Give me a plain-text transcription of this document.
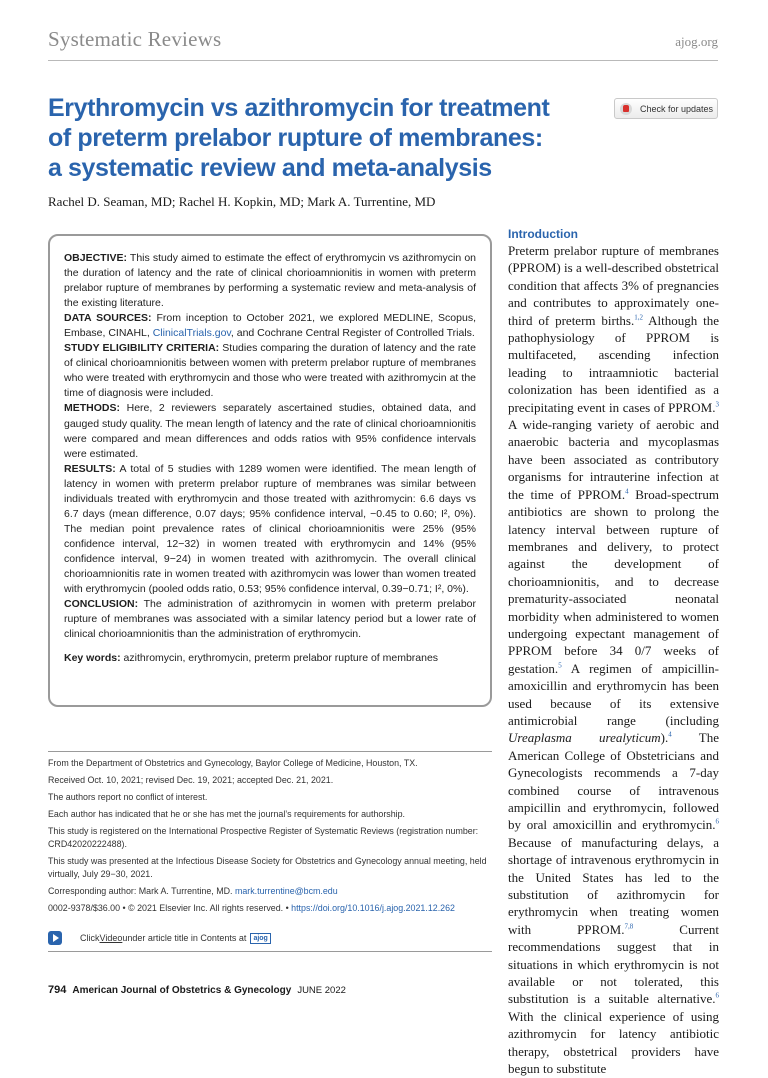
Systematic Reviews	ajog.org
Erythromycin vs azithromycin for treatment
of preterm prelabor rupture of membranes:
a systematic review and meta-analysis
Check for updates
Rachel D. Seaman, MD; Rachel H. Kopkin, MD; Mark A. Turrentine, MD

OBJECTIVE: This study aimed to estimate the effect of erythromycin vs azithromycin on the duration of latency and the rate of clinical chorioamnionitis in women with preterm prelabor rupture of membranes by performing a systematic review and meta-analysis of the existing literature.

DATA SOURCES: From inception to October 2021, we explored MEDLINE, Scopus, Embase, CINAHL, ClinicalTrials.gov, and Cochrane Central Register of Controlled Trials.

STUDY ELIGIBILITY CRITERIA: Studies comparing the duration of latency and the rate of clinical chorioamnionitis between women with preterm prelabor rupture of membranes who were treated with erythromycin and those who were treated with azithromycin at the time of diagnosis were included.

METHODS: Here, 2 reviewers separately ascertained studies, obtained data, and gauged study quality. The mean length of latency and the rate of clinical chorioamnionitis were compared and mean differences and odds ratios with 95% confidence intervals were estimated.

RESULTS: A total of 5 studies with 1289 women were identified. The mean length of latency in women with preterm prelabor rupture of membranes was similar between individuals treated with erythromycin and those treated with azithromycin: 6.6 days vs 6.7 days (mean difference, 0.07 days; 95% confidence interval, −0.45 to 0.60; I², 0%). The median point prevalence rates of clinical chorioamnionitis were 25% (95% confidence interval, 12−32) in women treated with erythromycin and 14% (95% confidence interval, 9−24) in women treated with azithromycin. The overall clinical chorioamnionitis rate in women treated with azithromycin was lower than women treated with erythromycin (pooled odds ratio, 0.53; 95% confidence interval, 0.39−0.71; I², 0%).

CONCLUSION: The administration of azithromycin in women with preterm prelabor rupture of membranes was associated with a similar latency period but a lower rate of clinical chorioamnionitis than the administration of erythromycin.

Key words: azithromycin, erythromycin, preterm prelabor rupture of membranes

From the Department of Obstetrics and Gynecology, Baylor College of Medicine, Houston, TX.

Received Oct. 10, 2021; revised Dec. 19, 2021; accepted Dec. 21, 2021.

The authors report no conflict of interest.

Each author has indicated that he or she has met the journal’s requirements for authorship.

This study is registered on the International Prospective Register of Systematic Reviews (registration number: CRD42020222488).

This study was presented at the Infectious Disease Society for Obstetrics and Gynecology annual meeting, held virtually, July 29−30, 2021.

Corresponding author: Mark A. Turrentine, MD. mark.turrentine@bcm.edu

0002-9378/$36.00 • © 2021 Elsevier Inc. All rights reserved. • https://doi.org/10.1016/j.ajog.2021.12.262

Click Video under article title in Contents at	ajog
794 American Journal of Obstetrics & Gynecology JUNE 2022
Introduction
Preterm prelabor rupture of membranes (PPROM) is a well-described obstetrical condition that affects 3% of pregnancies and contributes to approximately one-third of preterm births.$^{1,2}$ Although the pathophysiology of PPROM is multifaceted, ascending infection leading to intraamniotic bacterial colonization has been identified as a precipitating event in cases of PPROM.$^3$ A wide-ranging variety of aerobic and anaerobic bacteria and mycoplasmas have been associated as contributory organisms for intrauterine infection at the time of PPROM.$^4$ Broad-spectrum antibiotics are shown to prolong the latency interval between rupture of membranes and delivery, to protect against the development of chorioamnionitis, and to decrease prematurity-associated neonatal morbidity when administered to women undergoing expectant management of PPROM before 34 0/7 weeks of gestation.$^5$ A regimen of ampicillin-amoxicillin and erythromycin has been used because of its extensive antimicrobial range (including Ureaplasma urealyticum).$^4$ The American College of Obstetricians and Gynecologists recommends a 7-day combined course of intravenous ampicillin and erythromycin, followed by oral amoxicillin and erythromycin.$^6$ Because of manufacturing delays, a shortage of intravenous erythromycin in the United States has led to the substitution of azithromycin for erythromycin when treating women with PPROM.$^{7,8}$ Current recommendations suggest that in situations in which erythromycin is not available or not tolerated, this substitution is a suitable alternative.$^6$ With the clinical experience of using azithromycin for latency antibiotic therapy, obstetrical providers have begun to substitute
